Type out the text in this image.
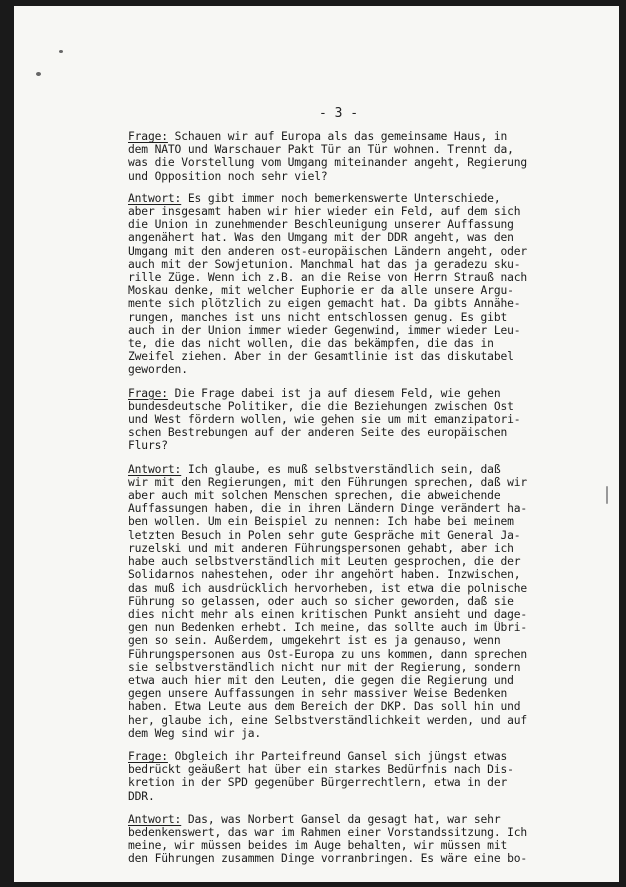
- 3 -
Frage: Schauen wir auf Europa als das gemeinsame Haus, in
dem NATO und Warschauer Pakt Tür an Tür wohnen. Trennt da,
was die Vorstellung vom Umgang miteinander angeht, Regierung
und Opposition noch sehr viel?
Antwort: Es gibt immer noch bemerkenswerte Unterschiede,
aber insgesamt haben wir hier wieder ein Feld, auf dem sich
die Union in zunehmender Beschleunigung unserer Auffassung
angenähert hat. Was den Umgang mit der DDR angeht, was den
Umgang mit den anderen ost-europäischen Ländern angeht, oder
auch mit der Sowjetunion. Manchmal hat das ja geradezu sku-
rille Züge. Wenn ich z.B. an die Reise von Herrn Strauß nach
Moskau denke, mit welcher Euphorie er da alle unsere Argu-
mente sich plötzlich zu eigen gemacht hat. Da gibts Annähe-
rungen, manches ist uns nicht entschlossen genug. Es gibt
auch in der Union immer wieder Gegenwind, immer wieder Leu-
te, die das nicht wollen, die das bekämpfen, die das in
Zweifel ziehen. Aber in der Gesamtlinie ist das diskutabel
geworden.
Frage: Die Frage dabei ist ja auf diesem Feld, wie gehen
bundesdeutsche Politiker, die die Beziehungen zwischen Ost
und West fördern wollen, wie gehen sie um mit emanzipatori-
schen Bestrebungen auf der anderen Seite des europäischen
Flurs?
Antwort: Ich glaube, es muß selbstverständlich sein, daß
wir mit den Regierungen, mit den Führungen sprechen, daß wir
aber auch mit solchen Menschen sprechen, die abweichende
Auffassungen haben, die in ihren Ländern Dinge verändert ha-
ben wollen. Um ein Beispiel zu nennen: Ich habe bei meinem
letzten Besuch in Polen sehr gute Gespräche mit General Ja-
ruzelski und mit anderen Führungspersonen gehabt, aber ich
habe auch selbstverständlich mit Leuten gesprochen, die der
Solidarnos nahestehen, oder ihr angehört haben. Inzwischen,
das muß ich ausdrücklich hervorheben, ist etwa die polnische
Führung so gelassen, oder auch so sicher geworden, daß sie
dies nicht mehr als einen kritischen Punkt ansieht und dage-
gen nun Bedenken erhebt. Ich meine, das sollte auch im Übri-
gen so sein. Außerdem, umgekehrt ist es ja genauso, wenn
Führungspersonen aus Ost-Europa zu uns kommen, dann sprechen
sie selbstverständlich nicht nur mit der Regierung, sondern
etwa auch hier mit den Leuten, die gegen die Regierung und
gegen unsere Auffassungen in sehr massiver Weise Bedenken
haben. Etwa Leute aus dem Bereich der DKP. Das soll hin und
her, glaube ich, eine Selbstverständlichkeit werden, und auf
dem Weg sind wir ja.
Frage: Obgleich ihr Parteifreund Gansel sich jüngst etwas
bedrückt geäußert hat über ein starkes Bedürfnis nach Dis-
kretion in der SPD gegenüber Bürgerrechtlern, etwa in der
DDR.
Antwort: Das, was Norbert Gansel da gesagt hat, war sehr
bedenkenswert, das war im Rahmen einer Vorstandssitzung. Ich
meine, wir müssen beides im Auge behalten, wir müssen mit
den Führungen zusammen Dinge vorranbringen. Es wäre eine bo-
